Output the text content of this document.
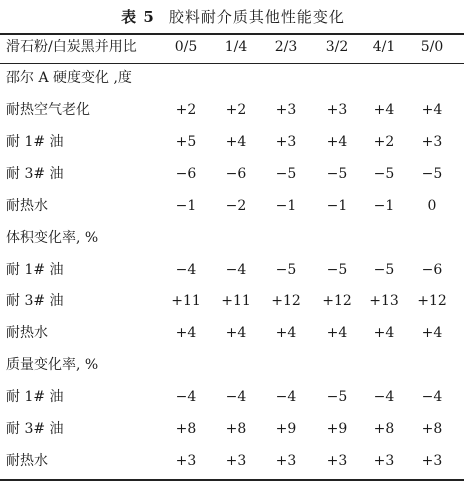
表 5 胶料耐介质其他性能变化
滑石粉/白炭黑并用比	0/5	1/4	2/3	3/2	4/1	5/0
邵尔 A 硬度变化 ,度
耐热空气老化	+2	+2	+3	+3	+4	+4
耐 1# 油	+5	+4	+3	+4	+2	+3
耐 3# 油	−6	−6	−5	−5	−5	−5
耐热水	−1	−2	−1	−1	−1	0
体积变化率, %
耐 1# 油	−4	−4	−5	−5	−5	−6
耐 3# 油	+11	+11	+12	+12	+13	+12
耐热水	+4	+4	+4	+4	+4	+4
质量变化率, %
耐 1# 油	−4	−4	−4	−5	−4	−4
耐 3# 油	+8	+8	+9	+9	+8	+8
耐热水	+3	+3	+3	+3	+3	+3
